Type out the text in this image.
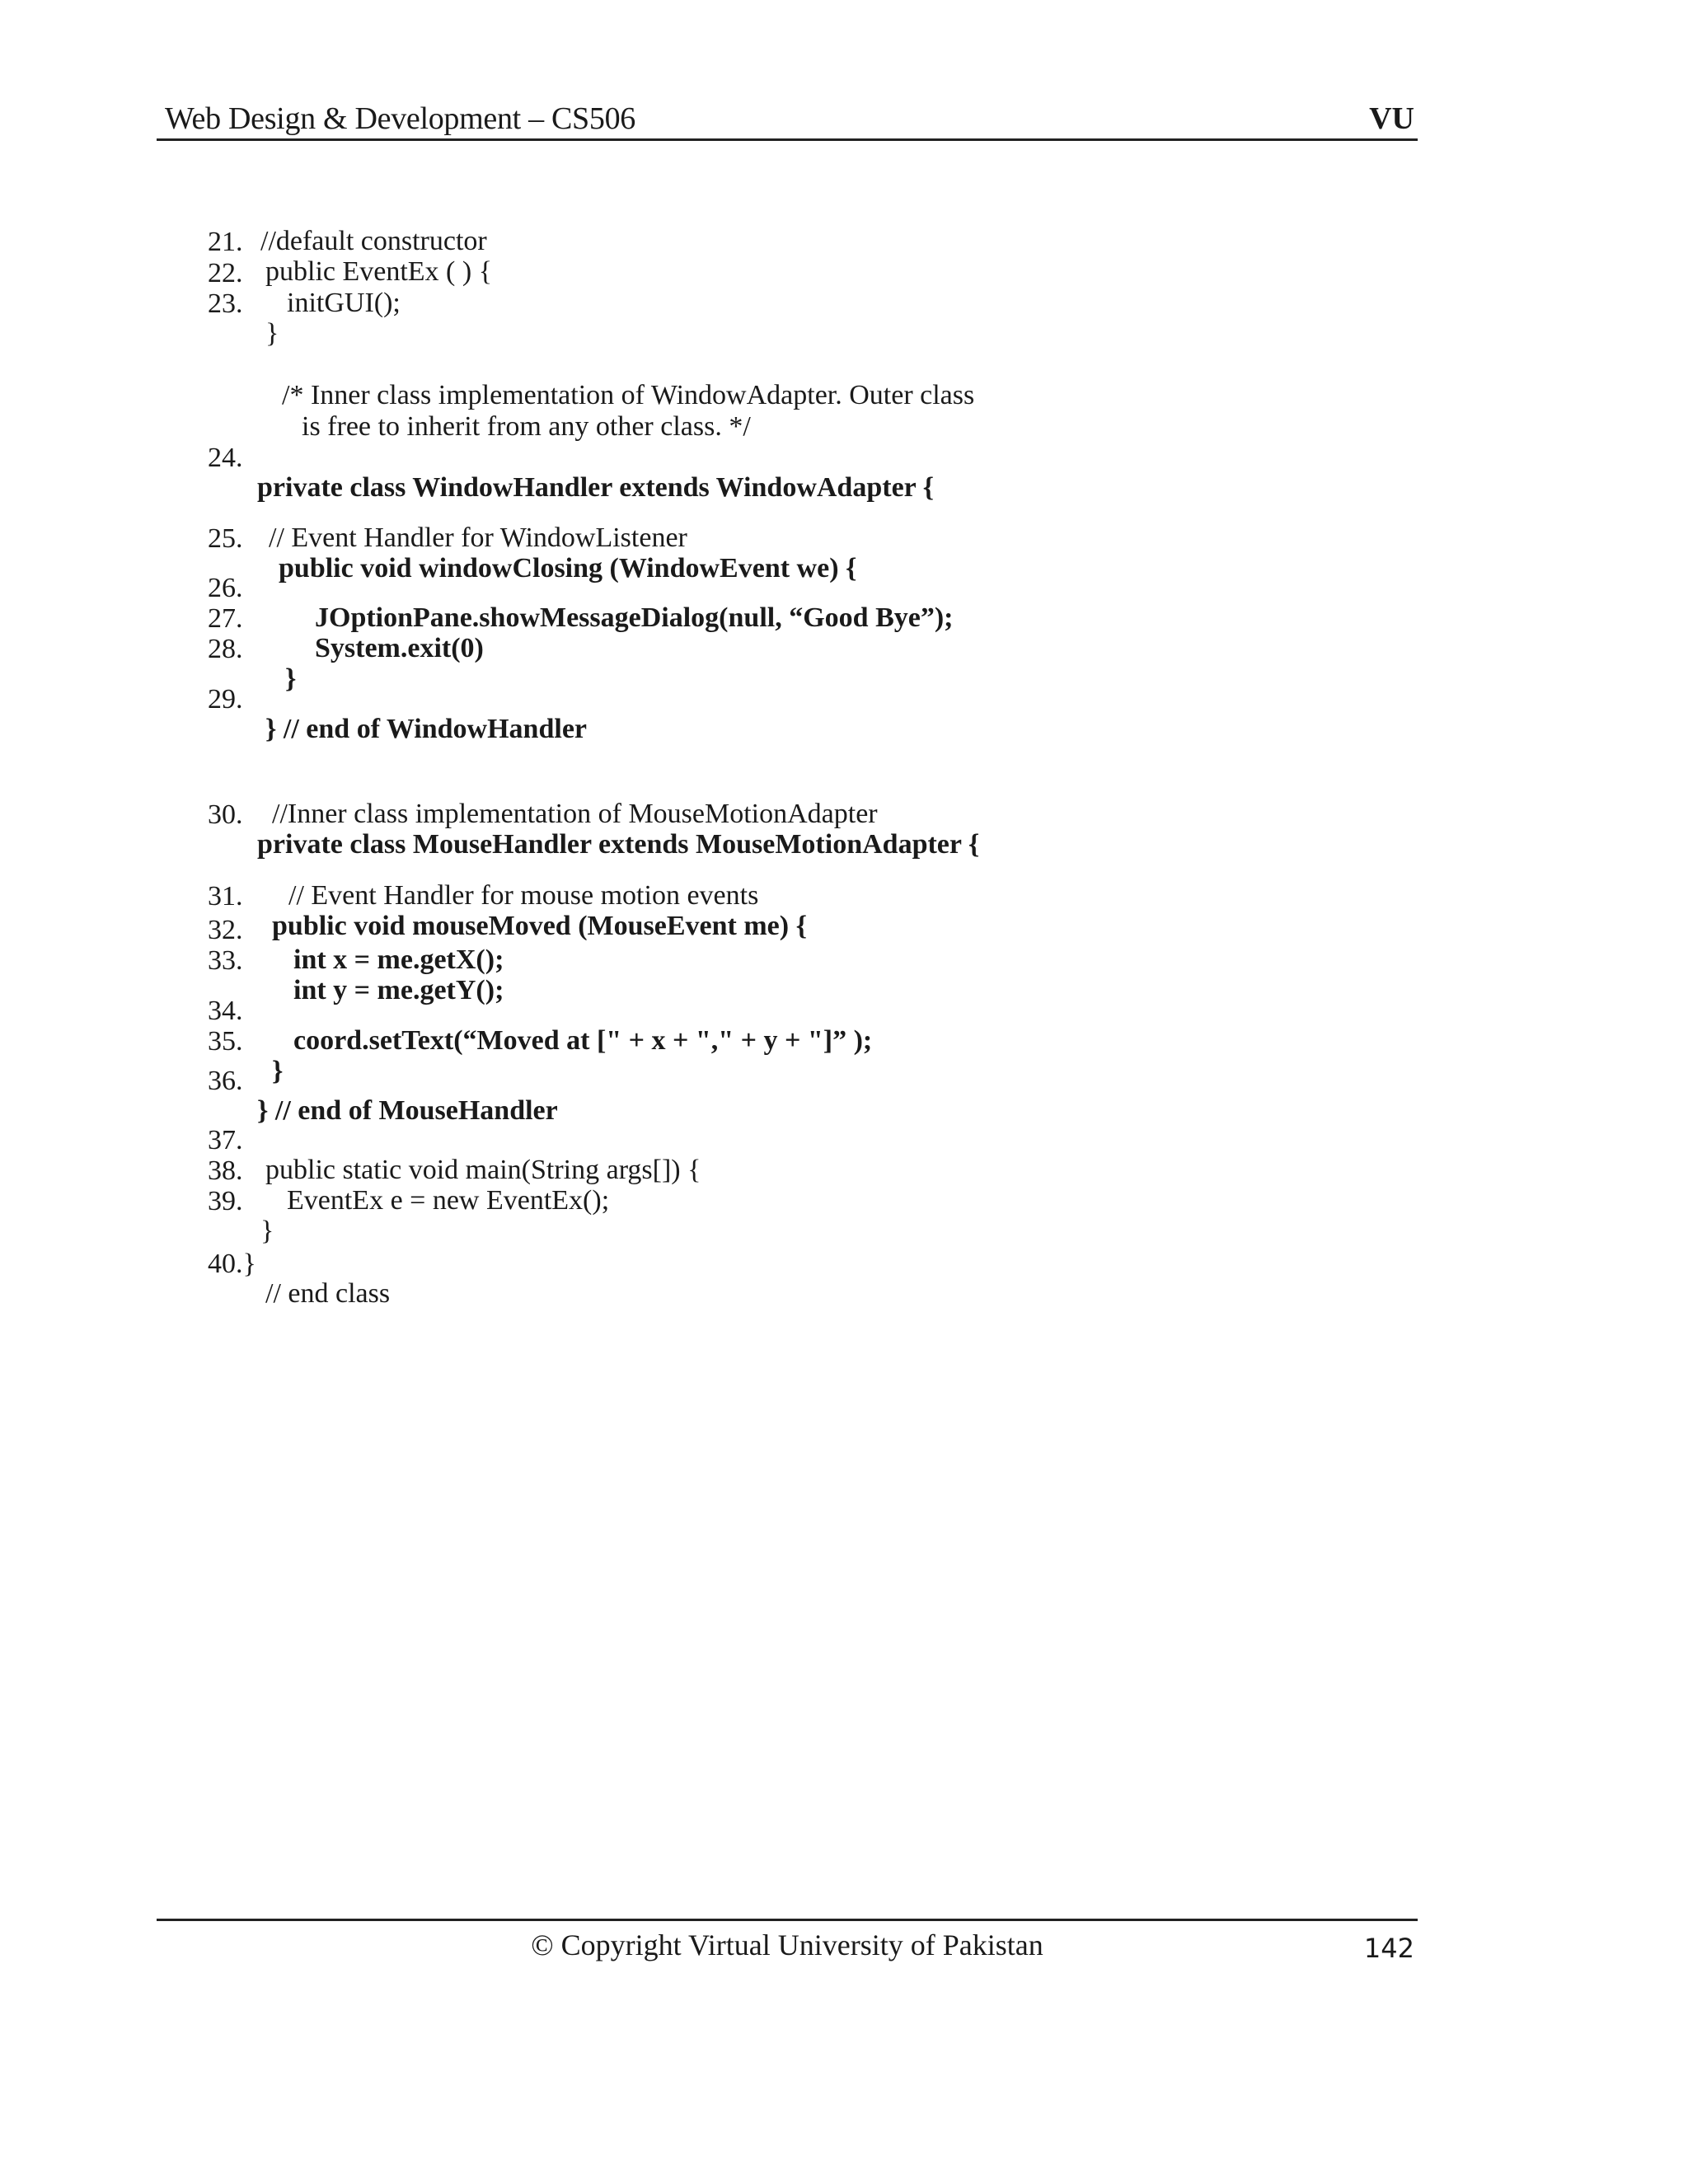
Web Design & Development – CS506	VU

//default constructor

21.

public EventEx ( ) {

22.

initGUI();

23.

}

/* Inner class implementation of WindowAdapter. Outer class

is free to inherit from any other class. */

24.

private class WindowHandler extends WindowAdapter {

// Event Handler for WindowListener

25.

public void windowClosing (WindowEvent we) {

26.

JOptionPane.showMessageDialog(null, “Good Bye”);

27.

System.exit(0)

28.

}

29.

} // end of WindowHandler

//Inner class implementation of MouseMotionAdapter

30.

private class MouseHandler extends MouseMotionAdapter {

// Event Handler for mouse motion events

31.

public void mouseMoved (MouseEvent me) {

32.

int x = me.getX();

33.

int y = me.getY();

34.

coord.setText(“Moved at [" + x + "," + y + "]” );

35.

}

36.

} // end of MouseHandler

37.

public static void main(String args[]) {

38.

EventEx e = new EventEx();

39.

}

40.}

// end class

© Copyright Virtual University of Pakistan	142
